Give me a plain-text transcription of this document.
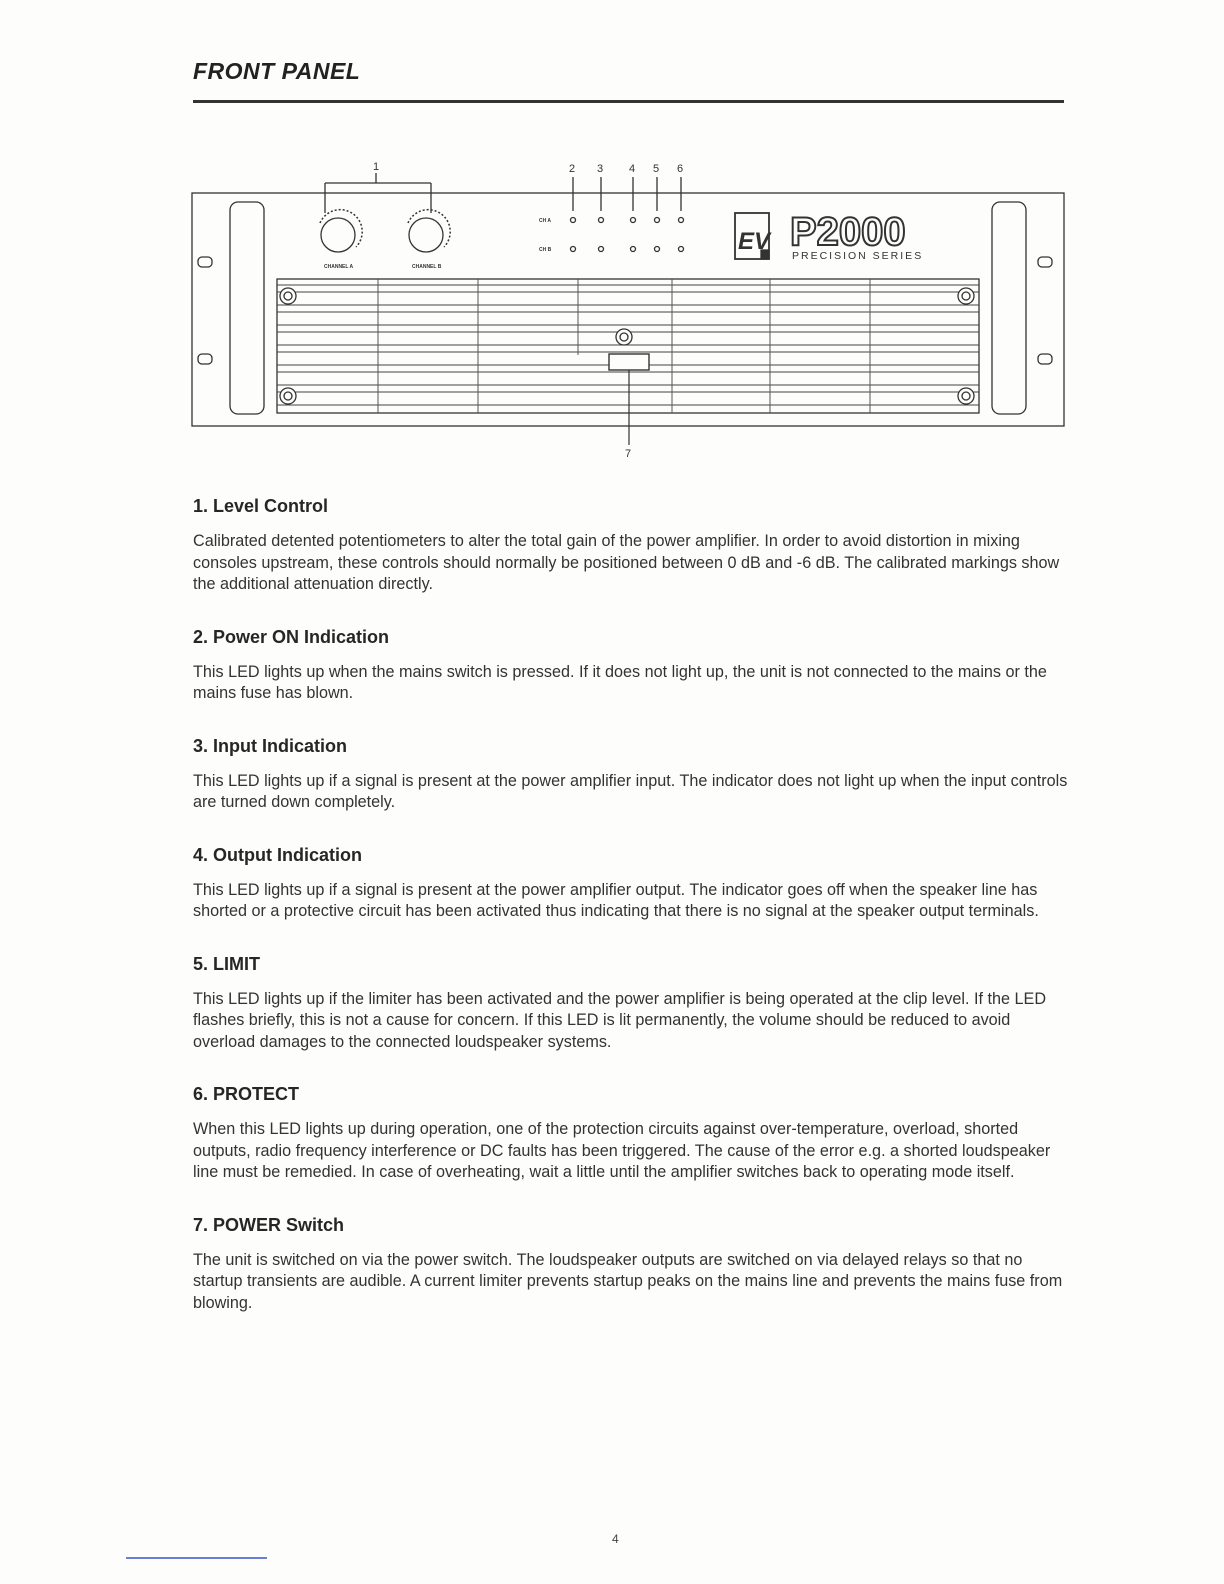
FRONT PANEL
1	2 3 4 5 6
7
CHANNEL A	CHANNEL B
CH A
CH B	EV P2000
PRECISION SERIES
1. Level Control

Calibrated detented potentiometers to alter the total gain of the power amplifier. In order to avoid distortion in mixing consoles upstream, these controls should normally be positioned between 0 dB and -6 dB. The calibrated markings show the additional attenuation directly.

2. Power ON Indication

This LED lights up when the mains switch is pressed. If it does not light up, the unit is not connected to the mains or the mains fuse has blown.

3. Input Indication

This LED lights up if a signal is present at the power amplifier input. The indicator does not light up when the input controls are turned down completely.

4. Output Indication

This LED lights up if a signal is present at the power amplifier output. The indicator goes off when the speaker line has shorted or a protective circuit has been activated thus indicating that there is no signal at the speaker output terminals.

5. LIMIT

This LED lights up if the limiter has been activated and the power amplifier is being operated at the clip level. If the LED flashes briefly, this is not a cause for concern. If this LED is lit permanently, the volume should be reduced to avoid overload damages to the connected loudspeaker systems.

6. PROTECT

When this LED lights up during operation, one of the protection circuits against over-temperature, overload, shorted outputs, radio frequency interference or DC faults has been triggered. The cause of the error e.g. a shorted loudspeaker line must be remedied. In case of overheating, wait a little until the amplifier switches back to operating mode itself.

7. POWER Switch

The unit is switched on via the power switch. The loudspeaker outputs are switched on via delayed relays so that no startup transients are audible. A current limiter prevents startup peaks on the mains line and prevents the mains fuse from blowing.

4
